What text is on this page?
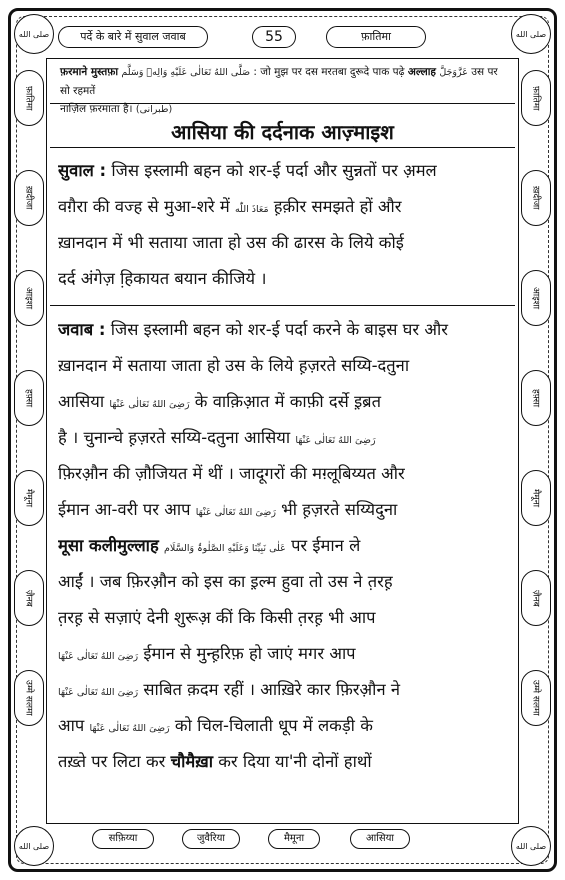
صلی الله	صلی الله
صلی الله	صلی الله
पर्दे के बारे में सुवाल जवाब	55	फ़ातिमा
फ़ातिमा
ख़दीजा
आइशा
हफ़्सा
मैमूना
ज़ैनब
उम्मे सलमा
फ़ातिमा
ख़दीजा
आइशा
हफ़्सा
मैमूना
ज़ैनब
उम्मे सलमा
फ़रमाने मुस्तफ़ा صَلَّى اللهُ تَعَالٰى عَلَيْهِ وَالِهٖ وَسَلَّم : जो मुझ पर दस मरतबा दुरूदे पाक पढ़े अल्लाह عَزَّوَجَلَّ उस पर सो रहमतें
नाज़िल फ़रमाता है। (طبرانی)
आसिया की दर्दनाक आज़्माइश
सुवाल : जिस इस्लामी बहन को शर-ई पर्दा और सुन्नतों पर अ़मल
वग़ैरा की वज्ह से मुआ-शरे में مَعَاذَ اللّٰه ह़क़ीर समझते हों और
ख़ानदान में भी सताया जाता हो उस की ढारस के लिये कोई
दर्द अंगेज़ हि़कायत बयान कीजिये ।
जवाब : जिस इस्लामी बहन को शर-ई पर्दा करने के बाइस घर और
ख़ानदान में सताया जाता हो उस के लिये ह़ज़रते सय्यि-दतुना
आसिया رَضِیَ اللهُ تَعَالٰی عَنْهَا के वाक़िआ़त में काफ़ी दर्से इ़ब्रत
है । चुनान्चे ह़ज़रते सय्यि-दतुना आसिया رَضِیَ اللهُ تَعَالٰی عَنْهَا
फ़िरऔ़न की ज़ौजियत में थीं । जादूगरों की मग़्लूबिय्यत और
ईमान आ-वरी पर आप رَضِیَ اللهُ تَعَالٰی عَنْهَا भी ह़ज़रते सय्यिदुना
मूसा कलीमुल्लाह عَلٰی نَبِیِّنَا وَعَلَیْهِ الصَّلٰوۃُ وَالسَّلَام पर ईमान ले
आईं । जब फ़िरऔ़न को इस का इ़ल्म हुवा तो उस ने त़रह़
त़रह़ से सज़ाएं देनी शुरूअ़ कीं कि किसी त़रह़ भी आप
رَضِیَ اللهُ تَعَالٰی عَنْهَا ईमान से मुन्ह़रिफ़ हो जाएं मगर आप
رَضِیَ اللهُ تَعَالٰی عَنْهَا साबित क़दम रहीं । आख़िरे कार फ़िरऔ़न ने
आप رَضِیَ اللهُ تَعَالٰی عَنْهَا को चिल-चिलाती धूप में लकड़ी के
तख़्ते पर लिटा कर चौमैख़ा कर दिया या'नी दोनों हाथों
सफ़िय्या	जुवैरिया	मैमूना	आसिया
